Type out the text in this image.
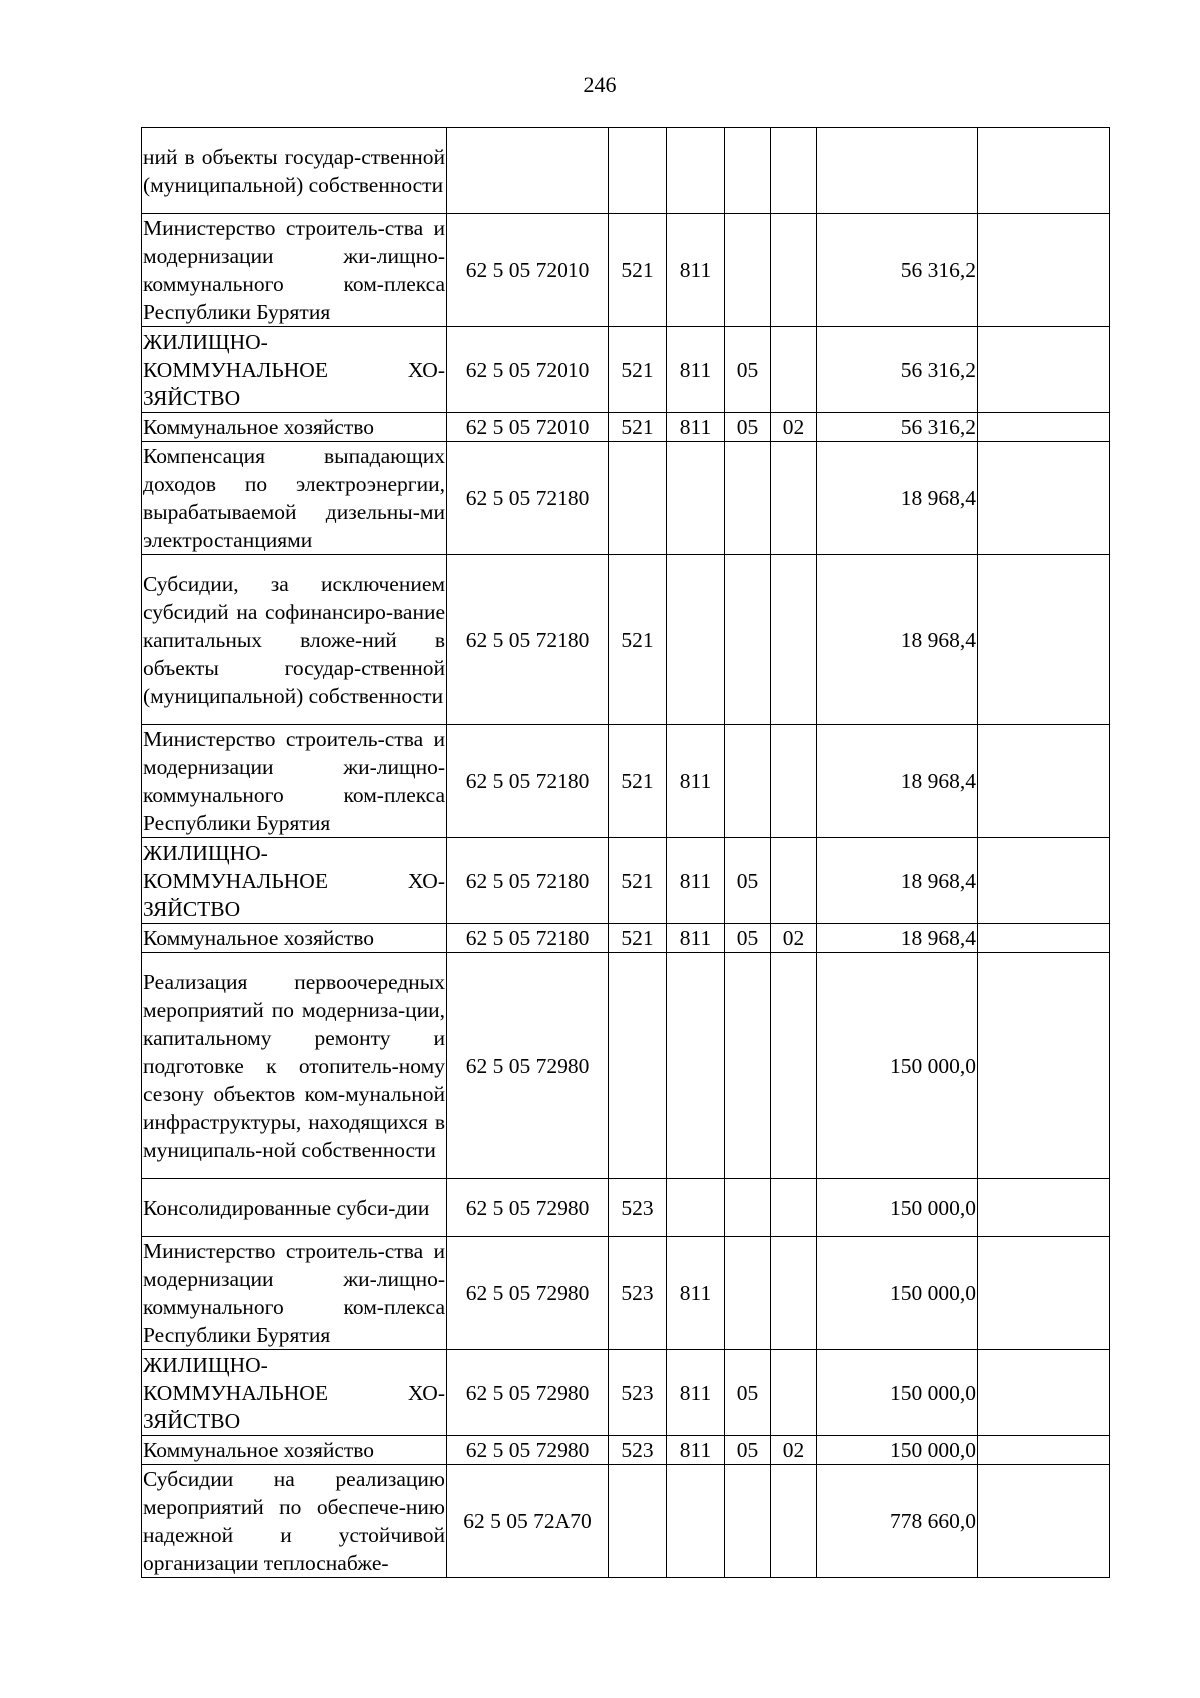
246
ний в объекты государ-ственной (муниципальной) собственности							
Министерство строитель-ства и модернизации жи-лищно-коммунального ком-плекса Республики Бурятия	62 5 05 72010	521	811			56 316,2	
ЖИЛИЩНО-КОММУНАЛЬНОЕ ХО-ЗЯЙСТВО	62 5 05 72010	521	811	05		56 316,2	
Коммунальное хозяйство	62 5 05 72010	521	811	05	02	56 316,2	
Компенсация выпадающих доходов по электроэнергии, вырабатываемой дизельны-ми электростанциями	62 5 05 72180					18 968,4	
Субсидии, за исключением субсидий на софинансиро-вание капитальных вложе-ний в объекты государ-ственной (муниципальной) собственности	62 5 05 72180	521				18 968,4	
Министерство строитель-ства и модернизации жи-лищно-коммунального ком-плекса Республики Бурятия	62 5 05 72180	521	811			18 968,4	
ЖИЛИЩНО-КОММУНАЛЬНОЕ ХО-ЗЯЙСТВО	62 5 05 72180	521	811	05		18 968,4	
Коммунальное хозяйство	62 5 05 72180	521	811	05	02	18 968,4	
Реализация первоочередных мероприятий по модерниза-ции, капитальному ремонту и подготовке к отопитель-ному сезону объектов ком-мунальной инфраструктуры, находящихся в муниципаль-ной собственности	62 5 05 72980					150 000,0	
Консолидированные субси-дии	62 5 05 72980	523				150 000,0	
Министерство строитель-ства и модернизации жи-лищно-коммунального ком-плекса Республики Бурятия	62 5 05 72980	523	811			150 000,0	
ЖИЛИЩНО-КОММУНАЛЬНОЕ ХО-ЗЯЙСТВО	62 5 05 72980	523	811	05		150 000,0	
Коммунальное хозяйство	62 5 05 72980	523	811	05	02	150 000,0	
Субсидии на реализацию мероприятий по обеспече-нию надежной и устойчивой организации теплоснабже-	62 5 05 72A70					778 660,0	
